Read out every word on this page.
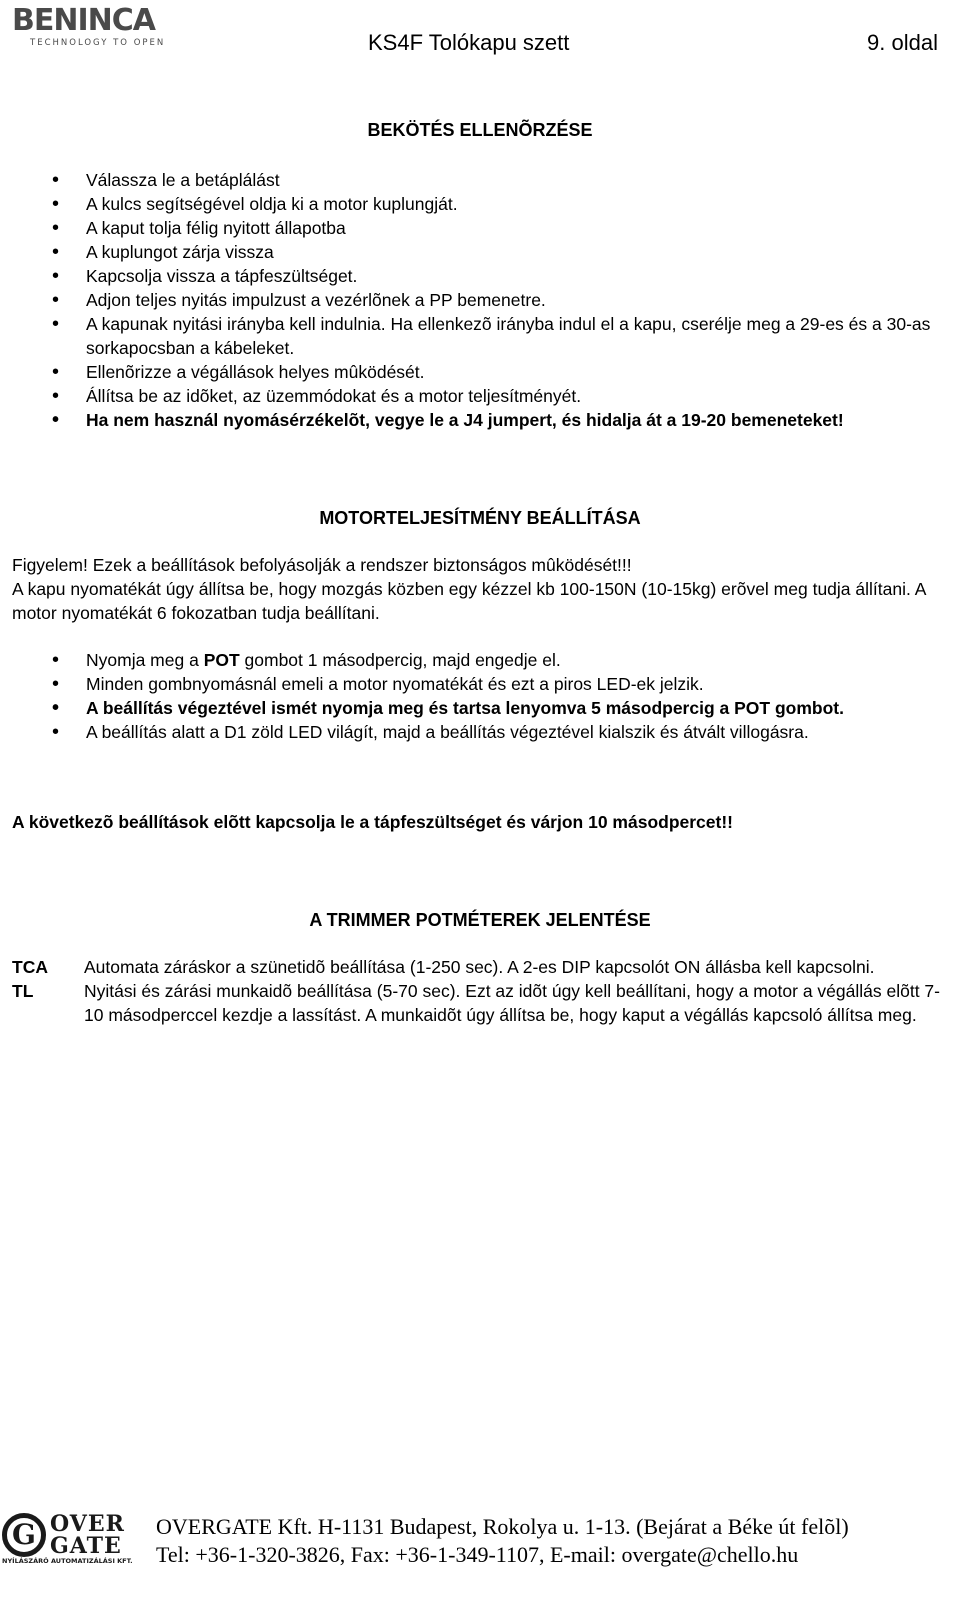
BENINCA
TECHNOLOGY TO OPEN	KS4F Tolókapu szett	9. oldal
BEKÖTÉS ELLENÕRZÉSE
• Válassza le a betáplálást
• A kulcs segítségével oldja ki a motor kuplungját.
• A kaput tolja félig nyitott állapotba
• A kuplungot zárja vissza
• Kapcsolja vissza a tápfeszültséget.
• Adjon teljes nyitás impulzust a vezérlõnek a PP bemenetre.
• A kapunak nyitási irányba kell indulnia. Ha ellenkezõ irányba indul el a kapu, cserélje meg a 29-es és a 30-as sorkapocsban a kábeleket.
• Ellenõrizze a végállások helyes mûködését.
• Állítsa be az idõket, az üzemmódokat és a motor teljesítményét.
• Ha nem használ nyomásérzékelõt, vegye le a J4 jumpert, és hidalja át a 19-20 bemeneteket!
MOTORTELJESÍTMÉNY BEÁLLÍTÁSA

Figyelem! Ezek a beállítások befolyásolják a rendszer biztonságos mûködését!!!

A kapu nyomatékát úgy állítsa be, hogy mozgás közben egy kézzel kb 100-150N (10-15kg) erõvel meg tudja állítani. A motor nyomatékát 6 fokozatban tudja beállítani.

• Nyomja meg a POT gombot 1 másodpercig, majd engedje el.
• Minden gombnyomásnál emeli a motor nyomatékát és ezt a piros LED-ek jelzik.
• A beállítás végeztével ismét nyomja meg és tartsa lenyomva 5 másodpercig a POT gombot.
• A beállítás alatt a D1 zöld LED világít, majd a beállítás végeztével kialszik és átvált villogásra.
A következõ beállítások elõtt kapcsolja le a tápfeszültséget és várjon 10 másodpercet!!
A TRIMMER POTMÉTEREK JELENTÉSE
TCA	Automata záráskor a szünetidõ beállítása (1-250 sec). A 2-es DIP kapcsolót ON állásba kell kapcsolni.
TL	Nyitási és zárási munkaidõ beállítása (5-70 sec). Ezt az idõt úgy kell beállítani, hogy a motor a végállás elõtt 7-10 másodperccel kezdje a lassítást. A munkaidõt úgy állítsa be, hogy kaput a végállás kapcsoló állítsa meg.
G OVER
GATE
NYÍLÁSZÁRÓ AUTOMATIZÁLÁSI KFT.
OVERGATE Kft. H-1131 Budapest, Rokolya u. 1-13. (Bejárat a Béke út felõl)
Tel: +36-1-320-3826, Fax: +36-1-349-1107, E-mail: overgate@chello.hu
